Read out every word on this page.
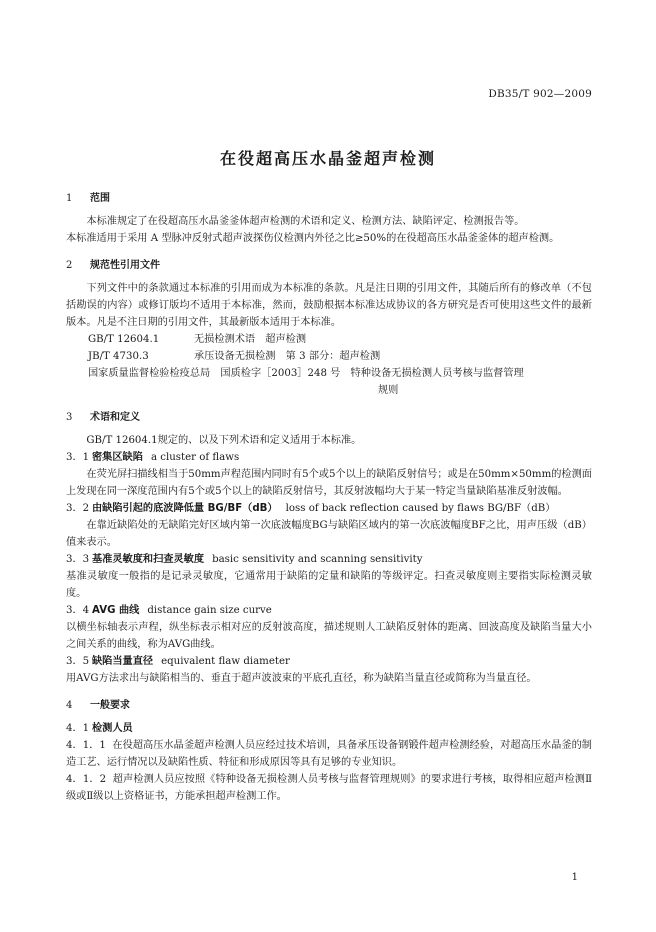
DB35/T 902—2009
在役超高压水晶釜超声检测

1 范围

本标准规定了在役超高压水晶釜釜体超声检测的术语和定义、检测方法、缺陷评定、检测报告等。

本标准适用于采用 A 型脉冲反射式超声波探伤仪检测内外径之比≥50%的在役超高压水晶釜釜体的超声检测。

2 规范性引用文件

下列文件中的条款通过本标准的引用而成为本标准的条款。凡是注日期的引用文件，其随后所有的修改单（不包括勘误的内容）或修订版均不适用于本标准，然而，鼓励根据本标准达成协议的各方研究是否可使用这些文件的最新版本。凡是不注日期的引用文件，其最新版本适用于本标准。

GB/T 12604.1	无损检测术语　超声检测

JB/T 4730.3	承压设备无损检测　第 3 部分：超声检测

国家质量监督检验检疫总局　国质检字［2003］248 号　特种设备无损检测人员考核与监督管理

规则

3 术语和定义

GB/T 12604.1规定的、以及下列术语和定义适用于本标准。

3．1 密集区缺陷 a cluster of flaws

在荧光屏扫描线相当于50mm声程范围内同时有5个或5个以上的缺陷反射信号；或是在50mm×50mm的检测面上发现在同一深度范围内有5个或5个以上的缺陷反射信号，其反射波幅均大于某一特定当量缺陷基准反射波幅。

3．2 由缺陷引起的底波降低量 BG/BF（dB） loss of back reflection caused by flaws BG/BF（dB）

在靠近缺陷处的无缺陷完好区域内第一次底波幅度BG与缺陷区域内的第一次底波幅度BF之比，用声压级（dB）值来表示。

3．3 基准灵敏度和扫查灵敏度 basic sensitivity and scanning sensitivity

基准灵敏度一般指的是记录灵敏度，它通常用于缺陷的定量和缺陷的等级评定。扫查灵敏度则主要指实际检测灵敏度。

3．4 AVG 曲线 distance gain size curve

以横坐标轴表示声程，纵坐标表示相对应的反射波高度，描述规则人工缺陷反射体的距离、回波高度及缺陷当量大小之间关系的曲线，称为AVG曲线。

3．5 缺陷当量直径 equivalent flaw diameter

用AVG方法求出与缺陷相当的、垂直于超声波波束的平底孔直径，称为缺陷当量直径或简称为当量直径。

4 一般要求

4．1 检测人员

4．1．1 在役超高压水晶釜超声检测人员应经过技术培训，具备承压设备钢锻件超声检测经验，对超高压水晶釜的制造工艺、运行情况以及缺陷性质、特征和形成原因等具有足够的专业知识。

4．1．2 超声检测人员应按照《特种设备无损检测人员考核与监督管理规则》的要求进行考核，取得相应超声检测Ⅱ级或Ⅱ级以上资格证书，方能承担超声检测工作。

1
